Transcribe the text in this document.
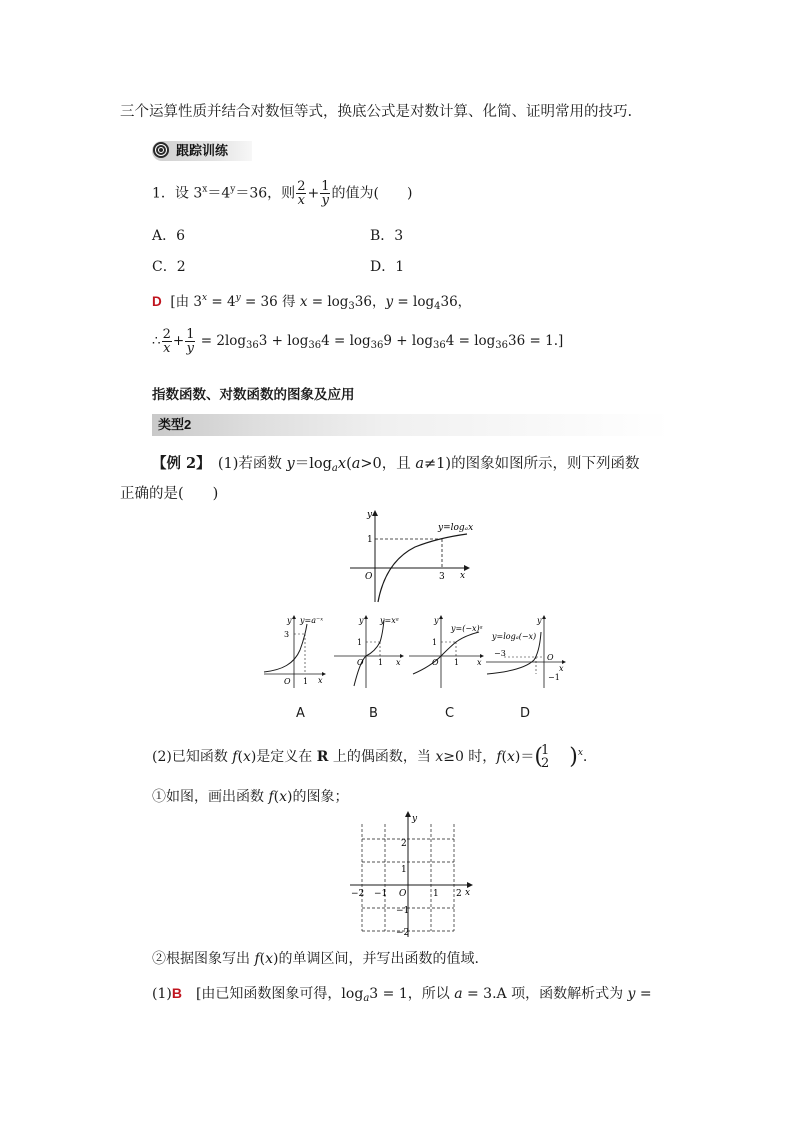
三个运算性质并结合对数恒等式，换底公式是对数计算、化简、证明常用的技巧.
跟踪训练
1．设 $3^x=4^y=36$，则 $\frac{2}{x} + \frac{1}{y}$ 的值为(　　)
A．6	B．3
C．2	D．1
D [由 $3^x = 4^y = 36$ 得 $x = \log_336$，$y = \log_436$，
∴ $\frac{2}{x} + \frac{1}{y} = 2\log_{36}3 + \log_{36}4 = \log_{36}9 + \log_{36}4 = \log_{36}36 = 1$.]
指数函数、对数函数的图象及应用
类型2
【例 2】　(1)若函数 $y=\log_ax(a>0$，且 a≠1)的图象如图所示，则下列函数
正确的是(　　)
y=logₐx
y
x
O	3
1
y y=a⁻ˣ
3
1
O	x
y y=xᵃ
1
O 1 x
y
y=(−x)ᵃ
1
O 1 x
y
y=logₐ(−x)
−3	O
−1
x
A	B	C	D
(2)已知函数 f(x)是定义在 R 上的偶函数，当 x≥0 时，f(x)＝(
1
2 )$^x$.
①如图，画出函数 f(x)的图象；
y
x
O
−2 −1	1 2
2
1
−1
−2
②根据图象写出 f(x)的单调区间，并写出函数的值域.
(1)B　[由已知函数图象可得，$\log_a3 = 1$，所以 a = 3.A 项，函数解析式为 y =
